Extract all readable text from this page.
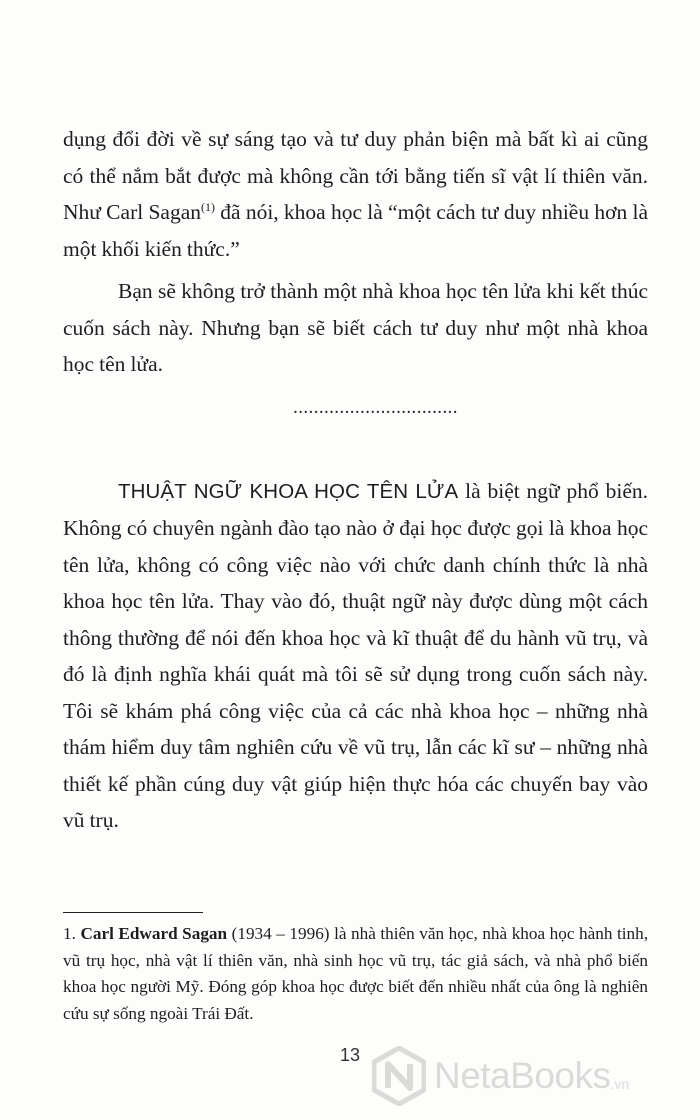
dụng đổi đời về sự sáng tạo và tư duy phản biện mà bất kì ai cũng có thể nắm bắt được mà không cần tới bằng tiến sĩ vật lí thiên văn. Như Carl Sagan$^{(1)}$ đã nói, khoa học là “một cách tư duy nhiều hơn là một khối kiến thức.”

Bạn sẽ không trở thành một nhà khoa học tên lửa khi kết thúc cuốn sách này. Nhưng bạn sẽ biết cách tư duy như một nhà khoa học tên lửa.

................................

THUẬT NGỮ KHOA HỌC TÊN LỬA là biệt ngữ phổ biến. Không có chuyên ngành đào tạo nào ở đại học được gọi là khoa học tên lửa, không có công việc nào với chức danh chính thức là nhà khoa học tên lửa. Thay vào đó, thuật ngữ này được dùng một cách thông thường để nói đến khoa học và kĩ thuật để du hành vũ trụ, và đó là định nghĩa khái quát mà tôi sẽ sử dụng trong cuốn sách này. Tôi sẽ khám phá công việc của cả các nhà khoa học – những nhà thám hiểm duy tâm nghiên cứu về vũ trụ, lẫn các kĩ sư – những nhà thiết kế phần cúng duy vật giúp hiện thực hóa các chuyến bay vào vũ trụ.

1. Carl Edward Sagan (1934 – 1996) là nhà thiên văn học, nhà khoa học hành tinh, vũ trụ học, nhà vật lí thiên văn, nhà sinh học vũ trụ, tác giả sách, và nhà phổ biến khoa học người Mỹ. Đóng góp khoa học được biết đến nhiều nhất của ông là nghiên cứu sự sống ngoài Trái Đất.

13	NetaBooks .vn
